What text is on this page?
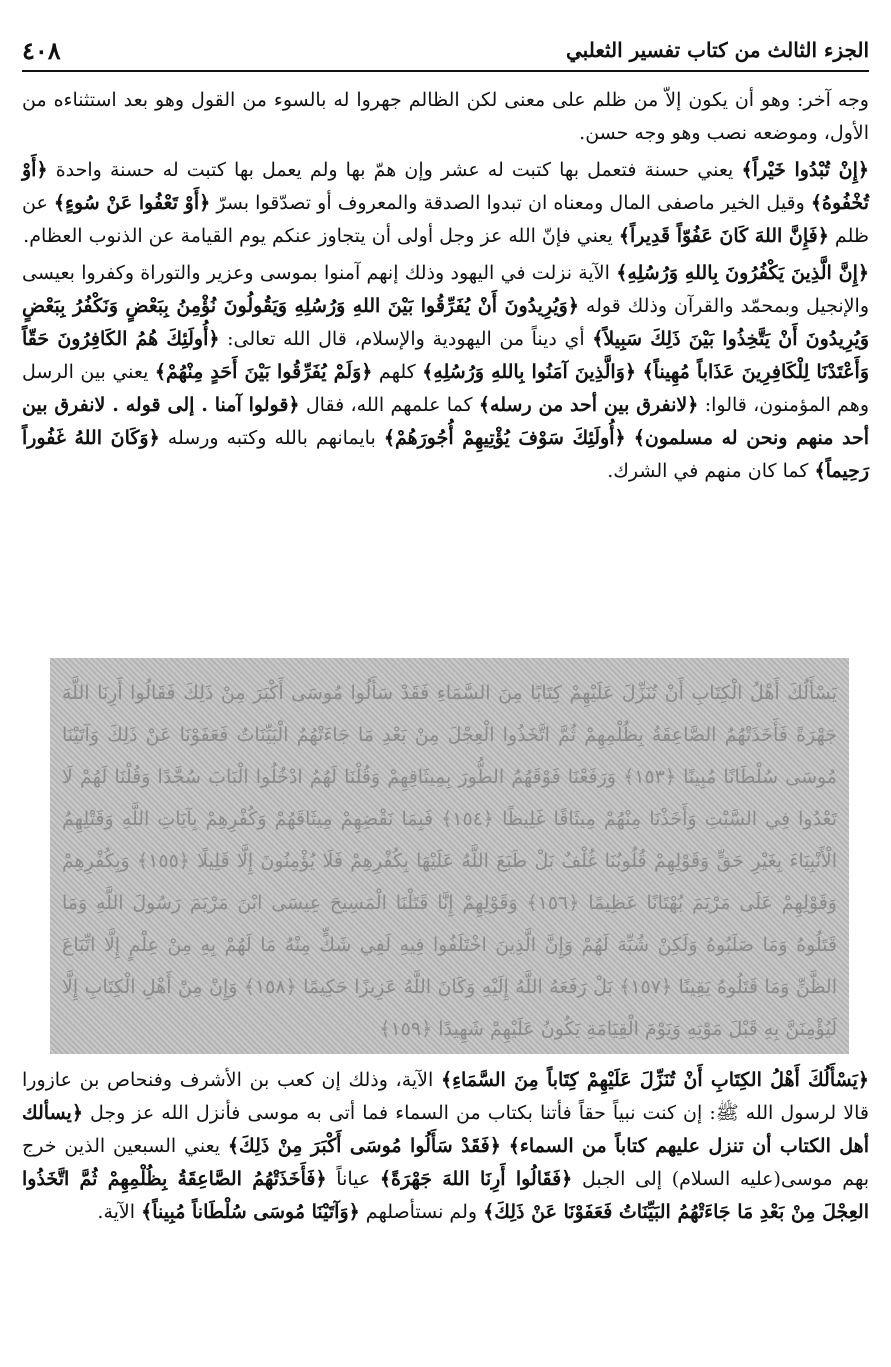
الجزء الثالث من كتاب تفسير الثعلبي
٤٠٨

وجه آخر: وهو أن يكون إلاّ من ظلم على معنى لكن الظالم جهروا له بالسوء من القول وهو بعد استثناءه من الأول، وموضعه نصب وهو وجه حسن.

﴿إِنْ تُبْدُوا خَيْراً﴾ يعني حسنة فتعمل بها كتبت له عشر وإن همّ بها ولم يعمل بها كتبت له حسنة واحدة ﴿أَوْ تُخْفُوهُ﴾ وقيل الخير ماصفى المال ومعناه ان تبدوا الصدقة والمعروف أو تصدّقوا بسرّ ﴿أَوْ تَعْفُوا عَنْ سُوءٍ﴾ عن ظلم ﴿فَإِنَّ اللهَ كَانَ عَفُوّاً قَدِيراً﴾ يعني فإنّ الله عز وجل أولى أن يتجاوز عنكم يوم القيامة عن الذنوب العظام.

﴿إِنَّ الَّذِينَ يَكْفُرُونَ بِاللهِ وَرُسُلِهِ﴾ الآية نزلت في اليهود وذلك إنهم آمنوا بموسى وعزير والتوراة وكفروا بعيسى والإنجيل وبمحمّد والقرآن وذلك قوله ﴿وَيُرِيدُونَ أَنْ يُفَرِّقُوا بَيْنَ اللهِ وَرُسُلِهِ وَيَقُولُونَ نُؤْمِنُ بِبَعْضٍ وَنَكْفُرُ بِبَعْضٍ وَيُرِيدُونَ أَنْ يَتَّخِذُوا بَيْنَ ذَلِكَ سَبِيلاً﴾ أي ديناً من اليهودية والإسلام، قال الله تعالى: ﴿أُولَئِكَ هُمُ الكَافِرُونَ حَقّاً وَأَعْتَدْنَا لِلْكَافِرِينَ عَذَاباً مُهِيناً﴾ ﴿وَالَّذِينَ آمَنُوا بِاللهِ وَرُسُلِهِ﴾ كلهم ﴿وَلَمْ يُفَرِّقُوا بَيْنَ أَحَدٍ مِنْهُمْ﴾ يعني بين الرسل وهم المؤمنون، قالوا: ﴿لانفرق بين أحد من رسله﴾ كما علمهم الله، فقال ﴿قولوا آمنا . إلى قوله . لانفرق بين أحد منهم ونحن له مسلمون﴾ ﴿أُولَئِكَ سَوْفَ يُؤْتِيهِمْ أُجُورَهُمْ﴾ بايمانهم بالله وكتبه ورسله ﴿وَكَانَ اللهُ غَفُوراً رَحِيماً﴾ كما كان منهم في الشرك.

يَسْأَلُكَ أَهْلُ الْكِتَابِ أَنْ تُنَزِّلَ عَلَيْهِمْ كِتَابًا مِنَ السَّمَاءِ فَقَدْ سَأَلُوا مُوسَى أَكْبَرَ مِنْ ذَلِكَ فَقَالُوا أَرِنَا اللَّهَ جَهْرَةً فَأَخَذَتْهُمُ الصَّاعِقَةُ بِظُلْمِهِمْ ثُمَّ اتَّخَذُوا الْعِجْلَ مِنْ بَعْدِ مَا جَاءَتْهُمُ الْبَيِّنَاتُ فَعَفَوْنَا عَنْ ذَلِكَ وَآتَيْنَا مُوسَى سُلْطَانًا مُبِينًا ﴿١٥٣﴾ وَرَفَعْنَا فَوْقَهُمُ الطُّورَ بِمِيثَاقِهِمْ وَقُلْنَا لَهُمُ ادْخُلُوا الْبَابَ سُجَّدًا وَقُلْنَا لَهُمْ لَا تَعْدُوا فِي السَّبْتِ وَأَخَذْنَا مِنْهُمْ مِيثَاقًا غَلِيظًا ﴿١٥٤﴾ فَبِمَا نَقْضِهِمْ مِيثَاقَهُمْ وَكُفْرِهِمْ بِآيَاتِ اللَّهِ وَقَتْلِهِمُ الْأَنْبِيَاءَ بِغَيْرِ حَقٍّ وَقَوْلِهِمْ قُلُوبُنَا غُلْفٌ بَلْ طَبَعَ اللَّهُ عَلَيْهَا بِكُفْرِهِمْ فَلَا يُؤْمِنُونَ إِلَّا قَلِيلًا ﴿١٥٥﴾ وَبِكُفْرِهِمْ وَقَوْلِهِمْ عَلَى مَرْيَمَ بُهْتَانًا عَظِيمًا ﴿١٥٦﴾ وَقَوْلِهِمْ إِنَّا قَتَلْنَا الْمَسِيحَ عِيسَى ابْنَ مَرْيَمَ رَسُولَ اللَّهِ وَمَا قَتَلُوهُ وَمَا صَلَبُوهُ وَلَكِنْ شُبِّهَ لَهُمْ وَإِنَّ الَّذِينَ اخْتَلَفُوا فِيهِ لَفِي شَكٍّ مِنْهُ مَا لَهُمْ بِهِ مِنْ عِلْمٍ إِلَّا اتِّبَاعَ الظَّنِّ وَمَا قَتَلُوهُ يَقِينًا ﴿١٥٧﴾ بَلْ رَفَعَهُ اللَّهُ إِلَيْهِ وَكَانَ اللَّهُ عَزِيزًا حَكِيمًا ﴿١٥٨﴾ وَإِنْ مِنْ أَهْلِ الْكِتَابِ إِلَّا لَيُؤْمِنَنَّ بِهِ قَبْلَ مَوْتِهِ وَيَوْمَ الْقِيَامَةِ يَكُونُ عَلَيْهِمْ شَهِيدًا ﴿١٥٩﴾

﴿يَسْأَلُكَ أَهْلُ الكِتَابِ أَنْ تُنَزِّلَ عَلَيْهِمْ كِتَاباً مِنَ السَّمَاءِ﴾ الآية، وذلك إن كعب بن الأشرف وفنحاص بن عازورا قالا لرسول الله ﷺ: إن كنت نبياً حقاً فأتنا بكتاب من السماء فما أتى به موسى فأنزل الله عز وجل ﴿يسألك أهل الكتاب أن تنزل عليهم كتاباً من السماء﴾ ﴿فَقَدْ سَأَلُوا مُوسَى أَكْبَرَ مِنْ ذَلِكَ﴾ يعني السبعين الذين خرج بهم موسى(عليه السلام) إلى الجبل ﴿فَقَالُوا أَرِنَا اللهَ جَهْرَةً﴾ عياناً ﴿فَأَخَذَتْهُمُ الصَّاعِقَةُ بِظُلْمِهِمْ ثُمَّ اتَّخَذُوا العِجْلَ مِنْ بَعْدِ مَا جَاءَتْهُمُ البَيِّنَاتُ فَعَفَوْنَا عَنْ ذَلِكَ﴾ ولم نستأصلهم ﴿وَآتَيْنَا مُوسَى سُلْطَاناً مُبِيناً﴾ الآية.
